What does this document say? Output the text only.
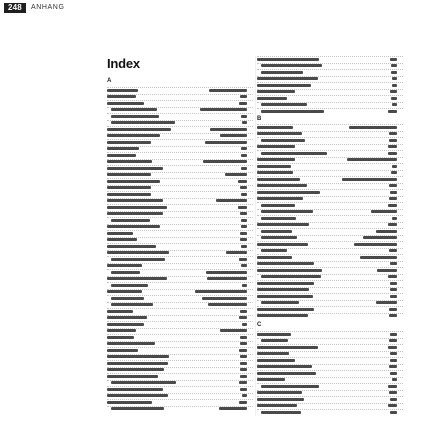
248	ANHANG
Index
A
B
C
